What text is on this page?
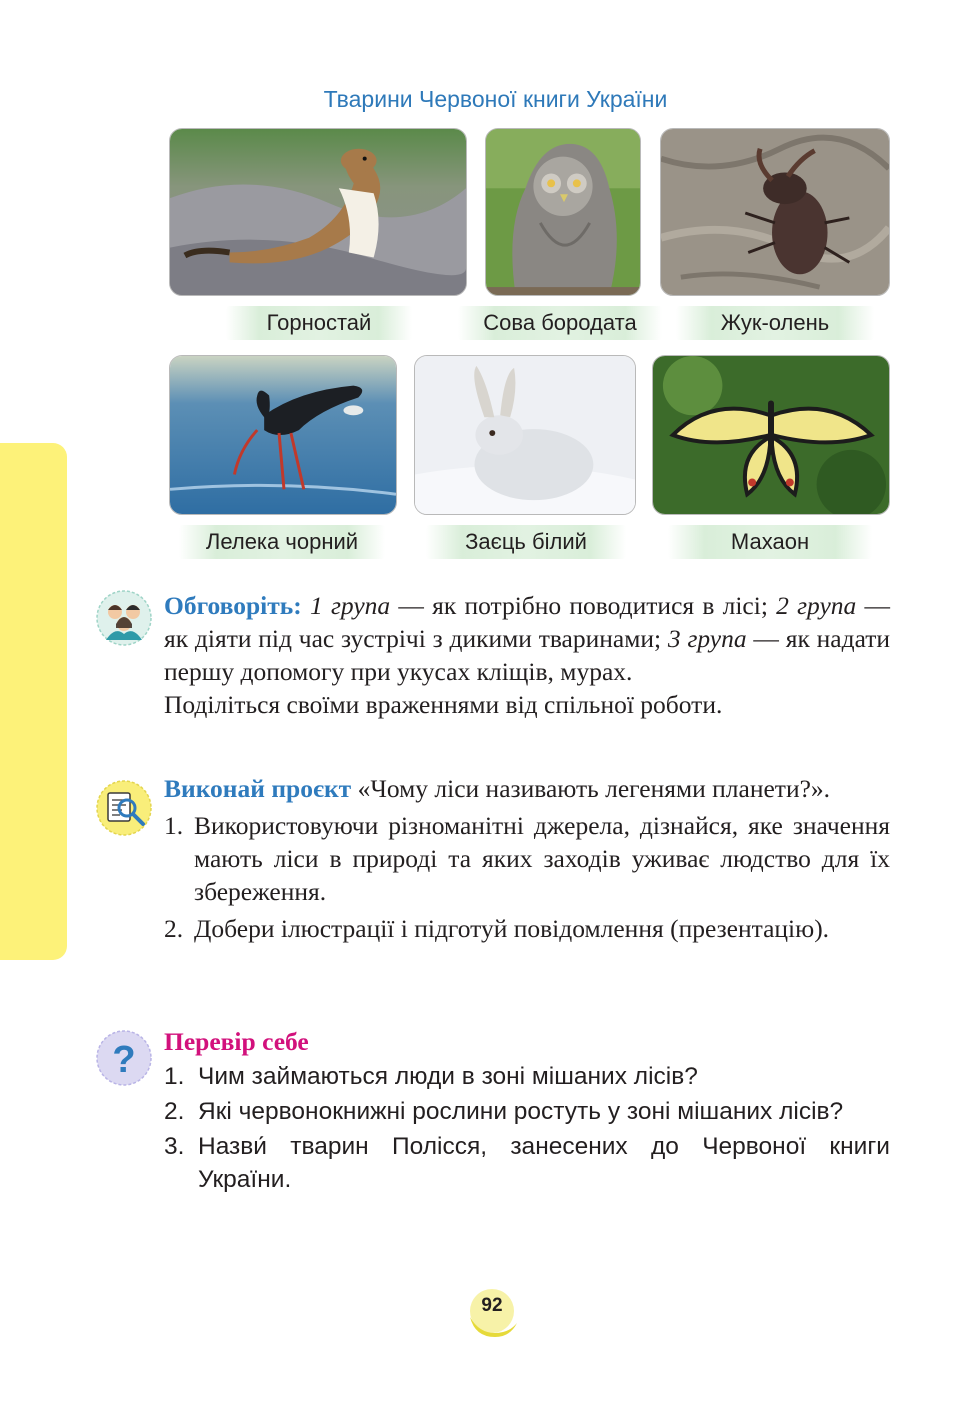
Тварини Червоної книги України
Горностай	Сова бородата	Жук-олень
Лелека чорний	Заєць білий	Махаон

Обговоріть: 1 група — як потрібно поводитися в лісі; 2 група — як діяти під час зустрічі з дикими тваринами; 3 група — як надати першу допомогу при укусах кліщів, мурах.

Поділіться своїми враженнями від спільної роботи.

Виконай проєкт «Чому ліси називають легенями планети?».

1. Використовуючи різноманітні джерела, дізнайся, яке значення мають ліси в природі та яких заходів уживає людство для їх збереження.
2. Добери ілюстрації і підготуй повідомлення (презентацію).
? Перевір себе

1. Чим займаються люди в зоні мішаних лісів?
2. Які червонокнижні рослини ростуть у зоні мішаних лісів?
3. Назви́ тварин Полісся, занесених до Червоної книги України.
92
